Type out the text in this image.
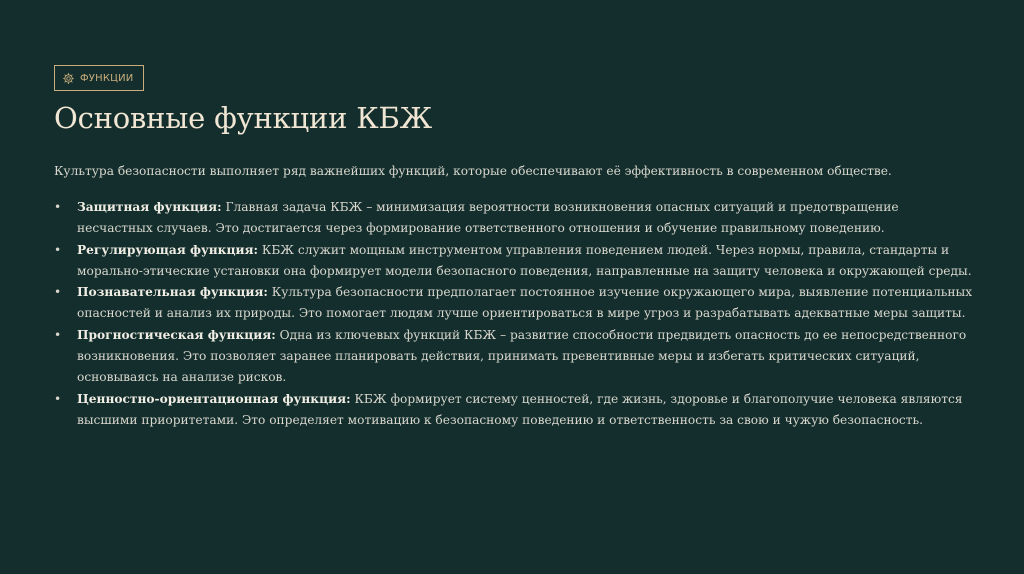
ФУНКЦИИ
Основные функции КБЖ

Культура безопасности выполняет ряд важнейших функций, которые обеспечивают её эффективность в современном обществе.

• Защитная функция: Главная задача КБЖ – минимизация вероятности возникновения опасных ситуаций и предотвращение несчастных случаев. Это достигается через формирование ответственного отношения и обучение правильному поведению.
• Регулирующая функция: КБЖ служит мощным инструментом управления поведением людей. Через нормы, правила, стандарты и морально-этические установки она формирует модели безопасного поведения, направленные на защиту человека и окружающей среды.
• Познавательная функция: Культура безопасности предполагает постоянное изучение окружающего мира, выявление потенциальных опасностей и анализ их природы. Это помогает людям лучше ориентироваться в мире угроз и разрабатывать адекватные меры защиты.
• Прогностическая функция: Одна из ключевых функций КБЖ – развитие способности предвидеть опасность до ее непосредственного возникновения. Это позволяет заранее планировать действия, принимать превентивные меры и избегать критических ситуаций, основываясь на анализе рисков.
• Ценностно-ориентационная функция: КБЖ формирует систему ценностей, где жизнь, здоровье и благополучие человека являются высшими приоритетами. Это определяет мотивацию к безопасному поведению и ответственность за свою и чужую безопасность.
